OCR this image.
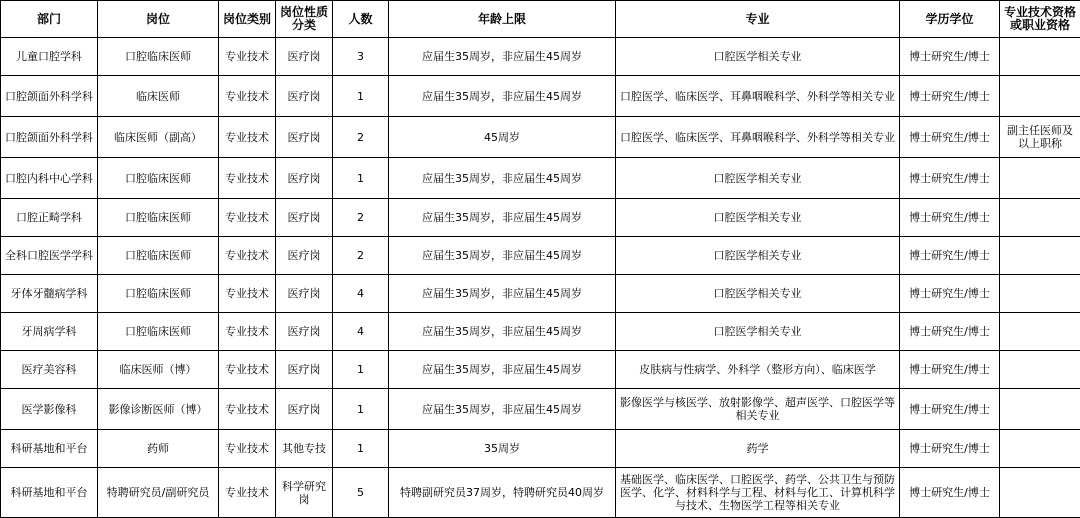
部门	岗位	岗位类别	岗位性质分类	人数	年龄上限	专业	学历学位	专业技术资格或职业资格

儿童口腔学科	口腔临床医师	专业技术	医疗岗	3	应届生35周岁，非应届生45周岁	口腔医学相关专业	博士研究生/博士	
口腔颌面外科学科	临床医师	专业技术	医疗岗	1	应届生35周岁，非应届生45周岁	口腔医学、临床医学、耳鼻咽喉科学、外科学等相关专业	博士研究生/博士	
口腔颌面外科学科	临床医师（副高）	专业技术	医疗岗	2	45周岁	口腔医学、临床医学、耳鼻咽喉科学、外科学等相关专业	博士研究生/博士	副主任医师及以上职称
口腔内科中心学科	口腔临床医师	专业技术	医疗岗	1	应届生35周岁，非应届生45周岁	口腔医学相关专业	博士研究生/博士	
口腔正畸学科	口腔临床医师	专业技术	医疗岗	2	应届生35周岁，非应届生45周岁	口腔医学相关专业	博士研究生/博士	
全科口腔医学学科	口腔临床医师	专业技术	医疗岗	2	应届生35周岁，非应届生45周岁	口腔医学相关专业	博士研究生/博士	
牙体牙髓病学科	口腔临床医师	专业技术	医疗岗	4	应届生35周岁，非应届生45周岁	口腔医学相关专业	博士研究生/博士	
牙周病学科	口腔临床医师	专业技术	医疗岗	4	应届生35周岁，非应届生45周岁	口腔医学相关专业	博士研究生/博士	
医疗美容科	临床医师（博）	专业技术	医疗岗	1	应届生35周岁，非应届生45周岁	皮肤病与性病学、外科学（整形方向）、临床医学	博士研究生/博士	
医学影像科	影像诊断医师（博）	专业技术	医疗岗	1	应届生35周岁，非应届生45周岁	影像医学与核医学、放射影像学、超声医学、口腔医学等相关专业	博士研究生/博士	
科研基地和平台	药师	专业技术	其他专技	1	35周岁	药学	博士研究生/博士	
科研基地和平台	特聘研究员/副研究员	专业技术	科学研究岗	5	特聘副研究员37周岁，特聘研究员40周岁	基础医学、临床医学、口腔医学、药学、公共卫生与预防医学、化学、材料科学与工程、材料与化工、计算机科学与技术、生物医学工程等相关专业	博士研究生/博士	
